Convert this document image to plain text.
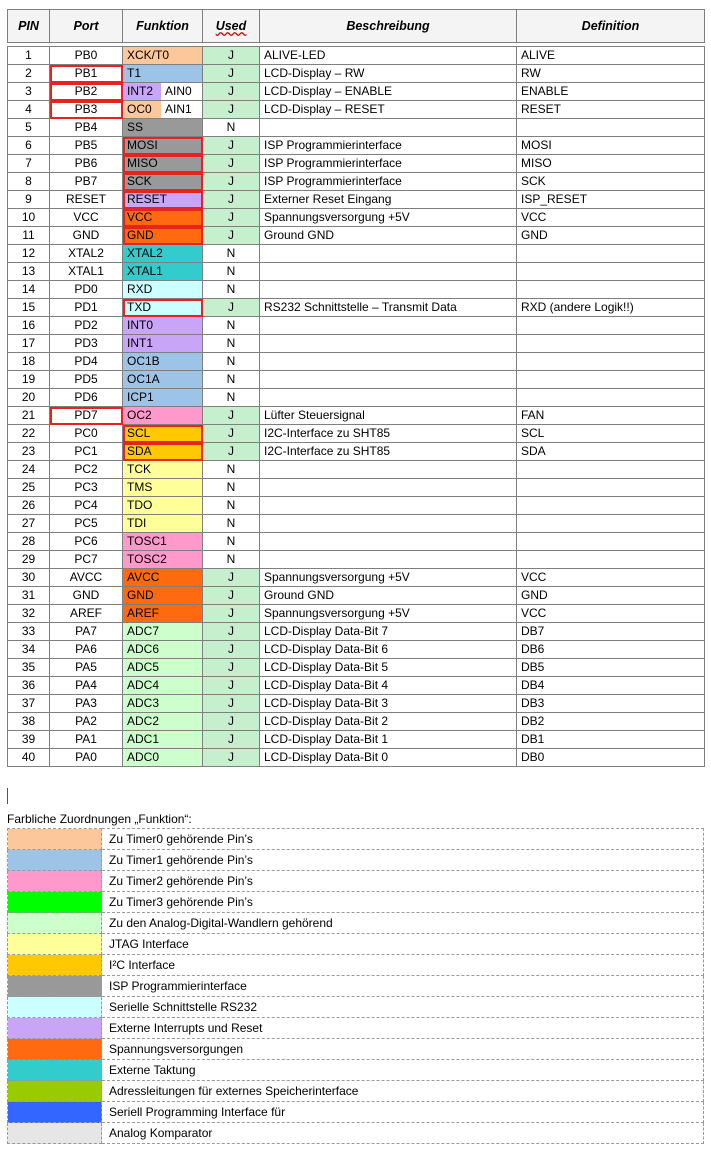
PIN	Port	Funktion	Used	Beschreibung	Definition

1	PB0	XCK/T0	J	ALIVE-LED	ALIVE
2	PB1	T1	J	LCD-Display – RW	RW
3	PB2	INT2 AIN0	J	LCD-Display – ENABLE	ENABLE
4	PB3	OC0 AIN1	J	LCD-Display – RESET	RESET
5	PB4	SS	N		
6	PB5	MOSI	J	ISP Programmierinterface	MOSI
7	PB6	MISO	J	ISP Programmierinterface	MISO
8	PB7	SCK	J	ISP Programmierinterface	SCK
9	RESET	RESET	J	Externer Reset Eingang	ISP_RESET
10	VCC	VCC	J	Spannungsversorgung +5V	VCC
11	GND	GND	J	Ground GND	GND
12	XTAL2	XTAL2	N		
13	XTAL1	XTAL1	N		
14	PD0	RXD	N		
15	PD1	TXD	J	RS232 Schnittstelle – Transmit Data	RXD (andere Logik!!)
16	PD2	INT0	N		
17	PD3	INT1	N		
18	PD4	OC1B	N		
19	PD5	OC1A	N		
20	PD6	ICP1	N		
21	PD7	OC2	J	Lüfter Steuersignal	FAN
22	PC0	SCL	J	I2C-Interface zu SHT85	SCL
23	PC1	SDA	J	I2C-Interface zu SHT85	SDA
24	PC2	TCK	N		
25	PC3	TMS	N		
26	PC4	TDO	N		
27	PC5	TDI	N		
28	PC6	TOSC1	N		
29	PC7	TOSC2	N		
30	AVCC	AVCC	J	Spannungsversorgung +5V	VCC
31	GND	GND	J	Ground GND	GND
32	AREF	AREF	J	Spannungsversorgung +5V	VCC
33	PA7	ADC7	J	LCD-Display Data-Bit 7	DB7
34	PA6	ADC6	J	LCD-Display Data-Bit 6	DB6
35	PA5	ADC5	J	LCD-Display Data-Bit 5	DB5
36	PA4	ADC4	J	LCD-Display Data-Bit 4	DB4
37	PA3	ADC3	J	LCD-Display Data-Bit 3	DB3
38	PA2	ADC2	J	LCD-Display Data-Bit 2	DB2
39	PA1	ADC1	J	LCD-Display Data-Bit 1	DB1
40	PA0	ADC0	J	LCD-Display Data-Bit 0	DB0
Farbliche Zuordnungen „Funktion“:
	Zu Timer0 gehörende Pin’s
	Zu Timer1 gehörende Pin’s
	Zu Timer2 gehörende Pin’s
	Zu Timer3 gehörende Pin’s
	Zu den Analog-Digital-Wandlern gehörend
	JTAG Interface
	I²C Interface
	ISP Programmierinterface
	Serielle Schnittstelle RS232
	Externe Interrupts und Reset
	Spannungsversorgungen
	Externe Taktung
	Adressleitungen für externes Speicherinterface
	Seriell Programming Interface für
	Analog Komparator
